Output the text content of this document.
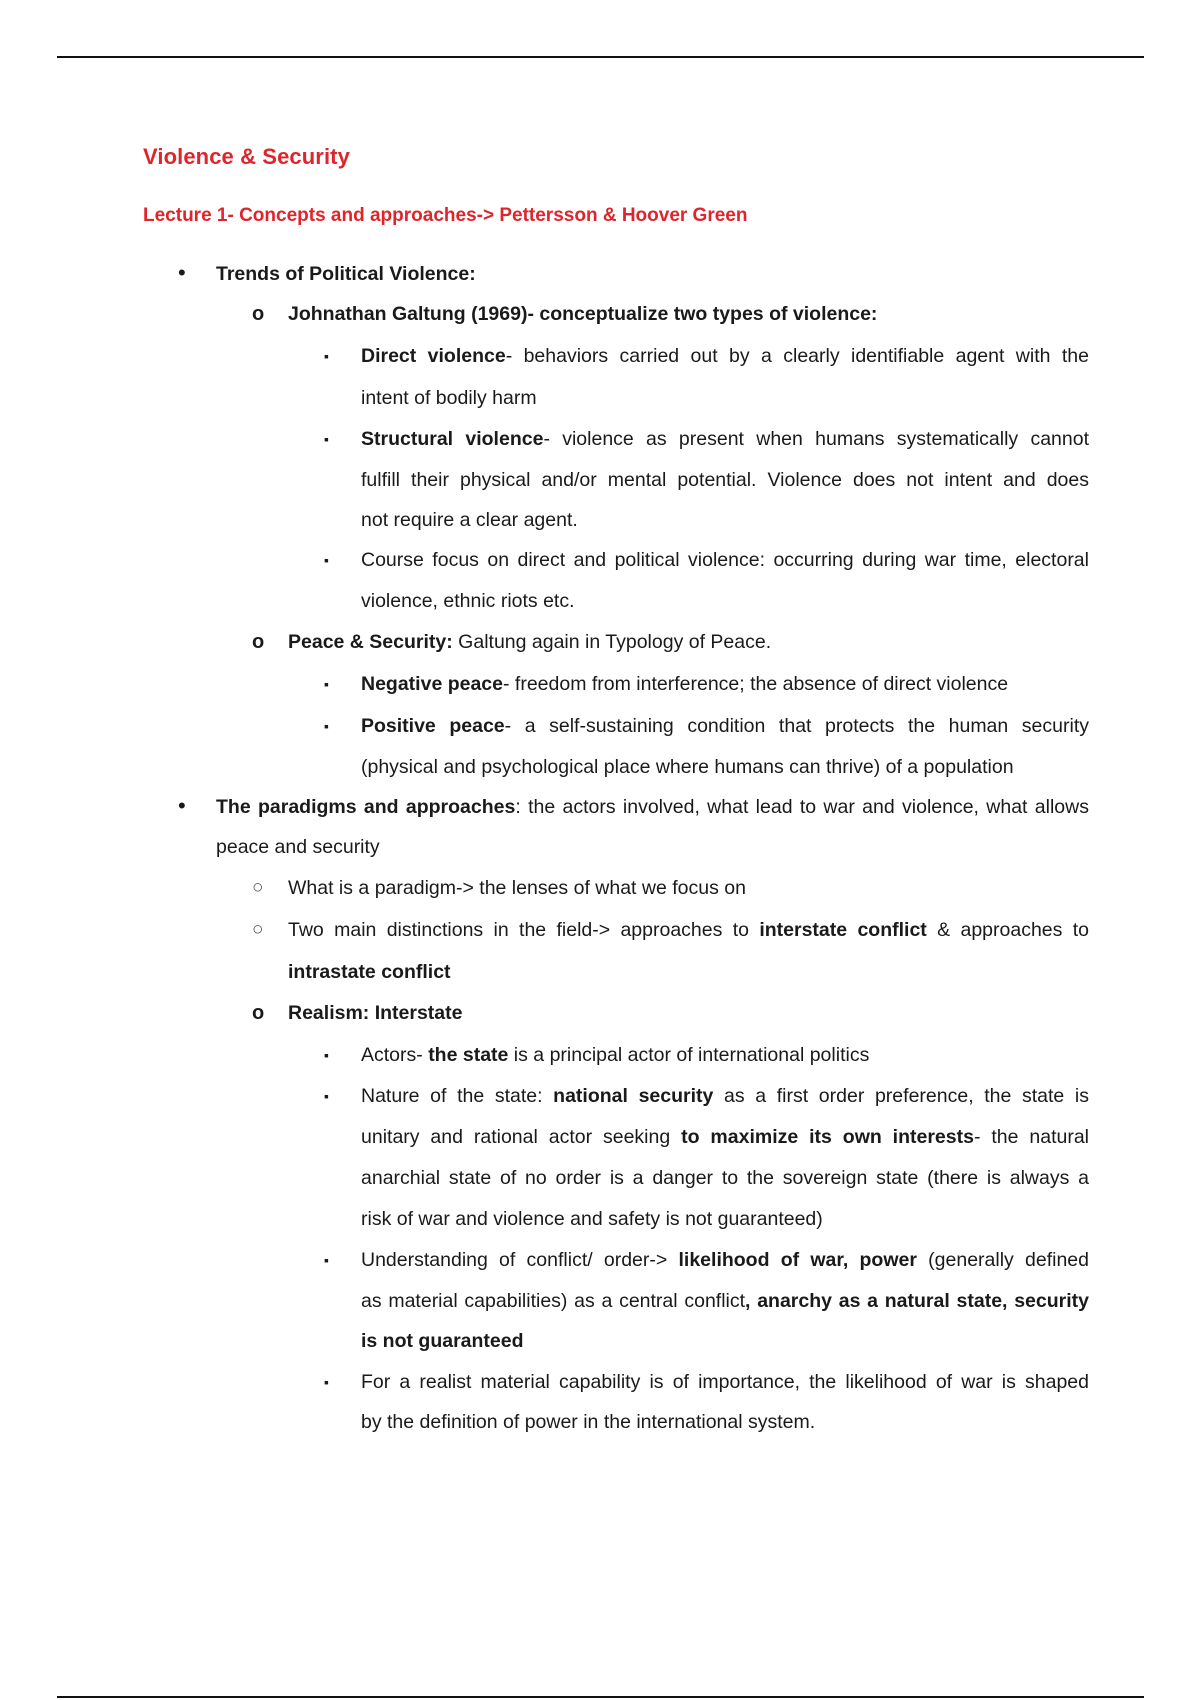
Violence & Security
Lecture 1- Concepts and approaches-> Pettersson & Hoover Green
• Trends of Political Violence:
o Johnathan Galtung (1969)- conceptualize two types of violence:
▪ Direct violence- behaviors carried out by a clearly identifiable agent with the
intent of bodily harm
▪ Structural violence- violence as present when humans systematically cannot
fulfill their physical and/or mental potential. Violence does not intent and does
not require a clear agent.
▪ Course focus on direct and political violence: occurring during war time, electoral
violence, ethnic riots etc.
o Peace & Security: Galtung again in Typology of Peace.
▪ Negative peace- freedom from interference; the absence of direct violence
▪ Positive peace- a self-sustaining condition that protects the human security
(physical and psychological place where humans can thrive) of a population
• The paradigms and approaches: the actors involved, what lead to war and violence, what allows
peace and security
○ What is a paradigm-> the lenses of what we focus on
○ Two main distinctions in the field-> approaches to interstate conflict & approaches to
intrastate conflict
o Realism: Interstate
▪ Actors- the state is a principal actor of international politics
▪ Nature of the state: national security as a first order preference, the state is
unitary and rational actor seeking to maximize its own interests- the natural
anarchial state of no order is a danger to the sovereign state (there is always a
risk of war and violence and safety is not guaranteed)
▪ Understanding of conflict/ order-> likelihood of war, power (generally defined
as material capabilities) as a central conflict, anarchy as a natural state, security
is not guaranteed
▪ For a realist material capability is of importance, the likelihood of war is shaped
by the definition of power in the international system.
